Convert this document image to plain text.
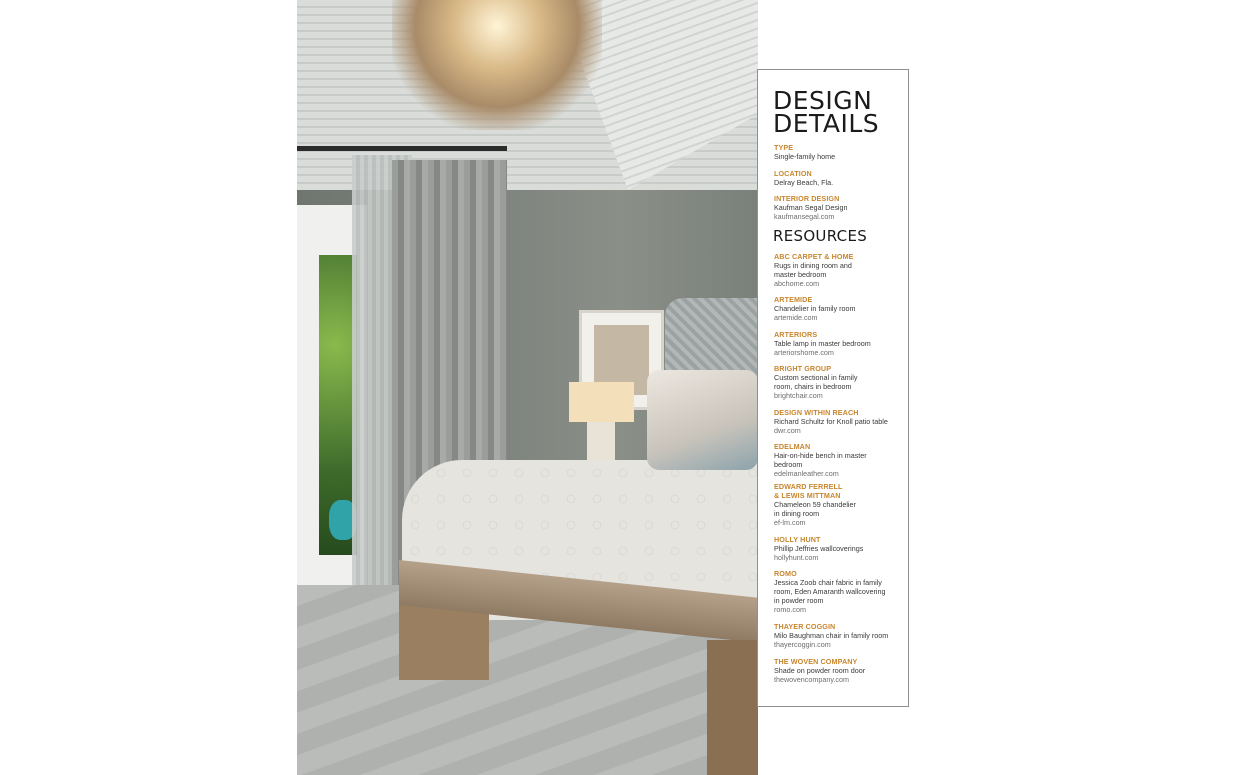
DESIGN
DETAILS
TYPE
Single-family home
LOCATION
Delray Beach, Fla.
INTERIOR DESIGN
Kaufman Segal Design
kaufmansegal.com
RESOURCES
ABC CARPET & HOME
Rugs in dining room and
master bedroom
abchome.com
ARTEMIDE
Chandelier in family room
artemide.com
ARTERIORS
Table lamp in master bedroom
arteriorshome.com
BRIGHT GROUP
Custom sectional in family
room, chairs in bedroom
brightchair.com
DESIGN WITHIN REACH
Richard Schultz for Knoll patio table
dwr.com
EDELMAN
Hair-on-hide bench in master
bedroom
edelmanleather.com
EDWARD FERRELL
& LEWIS MITTMAN
Chameleon 59 chandelier
in dining room
ef-lm.com
HOLLY HUNT
Phillip Jeffries wallcoverings
hollyhunt.com
ROMO
Jessica Zoob chair fabric in family
room, Eden Amaranth wallcovering
in powder room
romo.com
THAYER COGGIN
Milo Baughman chair in family room
thayercoggin.com
THE WOVEN COMPANY
Shade on powder room door
thewovencompany.com
